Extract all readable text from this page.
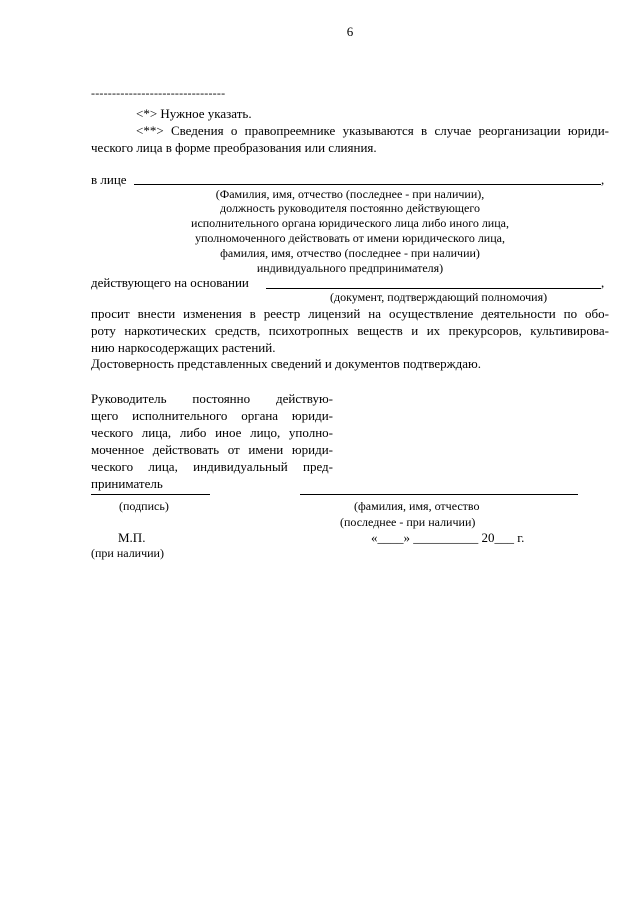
6
--------------------------------
<*> Нужное указать.
<**> Сведения о правопреемнике указываются в случае реорганизации юриди-
ческого лица в форме преобразования или слияния.
в лице	,
(Фамилия, имя, отчество (последнее - при наличии),
должность руководителя постоянно действующего
исполнительного органа юридического лица либо иного лица,
уполномоченного действовать от имени юридического лица,
фамилия, имя, отчество (последнее - при наличии)
индивидуального предпринимателя)
действующего на основании	,
(документ, подтверждающий полномочия)
просит внести изменения в реестр лицензий на осуществление деятельности по обо-
роту наркотических средств, психотропных веществ и их прекурсоров, культивирова-
нию наркосодержащих растений.
Достоверность представленных сведений и документов подтверждаю.
Руководитель постоянно действую-
щего исполнительного органа юриди-
ческого лица, либо иное лицо, уполно-
моченное действовать от имени юриди-
ческого лица, индивидуальный пред-
приниматель
(подпись)	(фамилия, имя, отчество
(последнее - при наличии)
М.П.	«____» __________ 20___ г.
(при наличии)
